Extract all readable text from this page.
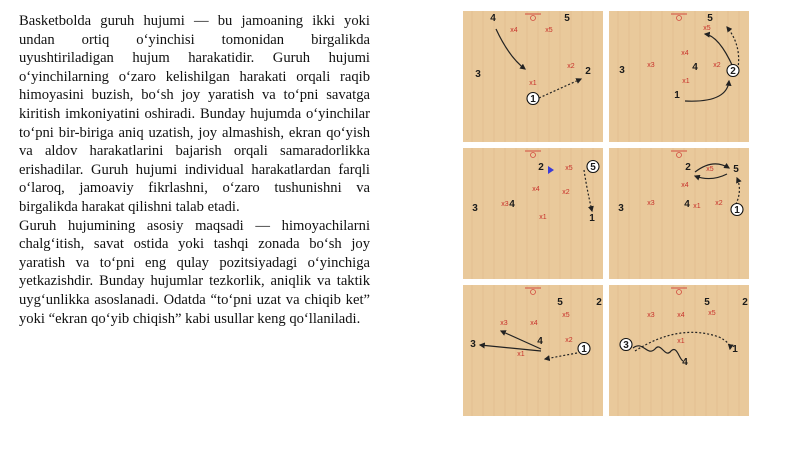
Basketbolda guruh hujumi — bu jamoaning ikki yoki undan ortiq o‘yinchisi tomonidan birgalikda uyushtiriladigan hujum harakatidir. Guruh hujumi o‘yinchilarning o‘zaro kelishilgan harakati orqali raqib himoyasini buzish, bo‘sh joy yaratish va to‘pni savatga kiritish imkoniyatini oshiradi. Bunday hujumda o‘yinchilar to‘pni bir-biriga aniq uzatish, joy almashish, ekran qo‘yish va aldov harakatlarini bajarish orqali samaradorlikka erishadilar. Guruh hujumi individual harakatlardan farqli o‘laroq, jamoaviy fikrlashni, o‘zaro tushunishni va birgalikda harakat qilishni talab etadi.

Guruh hujumining asosiy maqsadi — himoyachilarni chalg‘itish, savat ostida yoki tashqi zonada bo‘sh joy yaratish va to‘pni eng qulay pozitsiyadagi o‘yinchiga yetkazishdir. Bunday hujumlar tezkorlik, aniqlik va taktik uyg‘unlikka asoslanadi. Odatda “to‘pni uzat va chiqib ket” yoki “ekran qo‘yib chiqish” kabi usullar keng qo‘llaniladi.

x4	x5
x2
x1
4	5
3	2
1
x5
x4
x3	x2
x1
5
3	4	2
1
x5
x4	x2
x3
x1
2	5
4
3
1
x5
x4
x3	x1 x2
2	5
3	4
1
x5
x3	x4
x2
x1
5	2
3	4
1
x3	x4	x5
x1
5	2
3	1
4
